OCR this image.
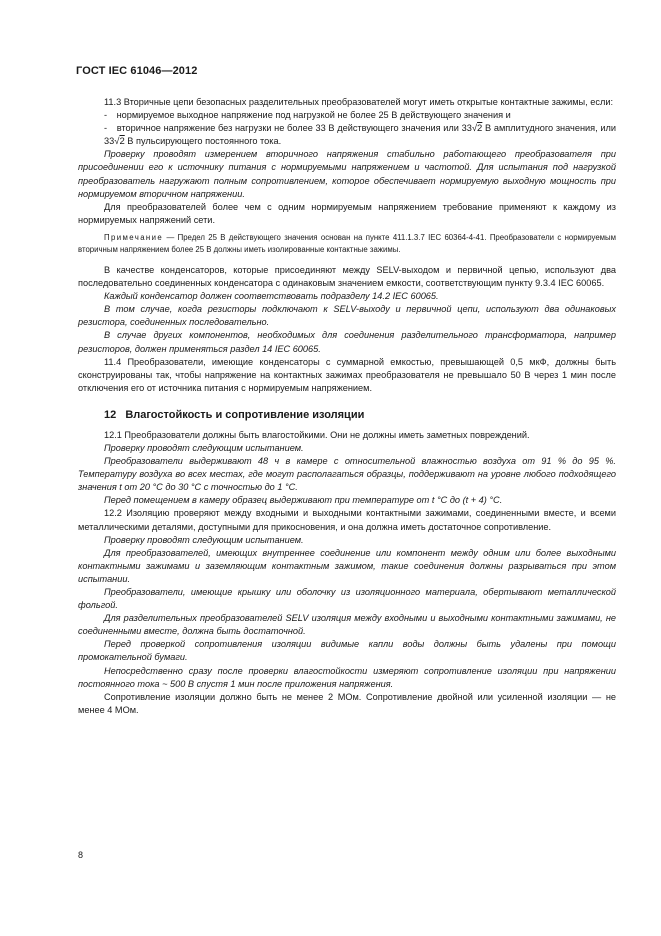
ГОСТ IEC 61046—2012

11.3 Вторичные цепи безопасных разделительных преобразователей могут иметь открытые контактные зажимы, если:

- нормируемое выходное напряжение под нагрузкой не более 25 В действующего значения и

- вторичное напряжение без нагрузки не более 33 В действующего значения или 33√2 В амплитудного значения, или 33√2 В пульсирующего постоянного тока.

Проверку проводят измерением вторичного напряжения стабильно работающего преобразователя при присоединении его к источнику питания с нормируемыми напряжением и частотой. Для испытания под нагрузкой преобразователь нагружают полным сопротивлением, которое обеспечивает нормируемую выходную мощность при нормируемом вторичном напряжении.

Для преобразователей более чем с одним нормируемым напряжением требование применяют к каждому из нормируемых напряжений сети.

Примечание — Предел 25 В действующего значения основан на пункте 411.1.3.7 IEC 60364-4-41. Преобразователи с нормируемым вторичным напряжением более 25 В должны иметь изолированные контактные зажимы.

В качестве конденсаторов, которые присоединяют между SELV-выходом и первичной цепью, используют два последовательно соединенных конденсатора с одинаковым значением емкости, соответствующим пункту 9.3.4 IEC 60065.

Каждый конденсатор должен соответствовать подразделу 14.2 IEC 60065.

В том случае, когда резисторы подключают к SELV-выходу и первичной цепи, используют два одинаковых резистора, соединенных последовательно.

В случае других компонентов, необходимых для соединения разделительного трансформатора, например резисторов, должен применяться раздел 14 IEC 60065.

11.4 Преобразователи, имеющие конденсаторы с суммарной емкостью, превышающей 0,5 мкФ, должны быть сконструированы так, чтобы напряжение на контактных зажимах преобразователя не превышало 50 В через 1 мин после отключения его от источника питания с нормируемым напряжением.

12 Влагостойкость и сопротивление изоляции

12.1 Преобразователи должны быть влагостойкими. Они не должны иметь заметных повреждений.

Проверку проводят следующим испытанием.

Преобразователи выдерживают 48 ч в камере с относительной влажностью воздуха от 91 % до 95 %. Температуру воздуха во всех местах, где могут располагаться образцы, поддерживают на уровне любого подходящего значения t от 20 °C до 30 °C с точностью до 1 °C.

Перед помещением в камеру образец выдерживают при температуре от t °C до (t + 4) °C.

12.2 Изоляцию проверяют между входными и выходными контактными зажимами, соединенными вместе, и всеми металлическими деталями, доступными для прикосновения, и она должна иметь достаточное сопротивление.

Проверку проводят следующим испытанием.

Для преобразователей, имеющих внутреннее соединение или компонент между одним или более выходными контактными зажимами и заземляющим контактным зажимом, такие соединения должны разрываться при этом испытании.

Преобразователи, имеющие крышку или оболочку из изоляционного материала, обертывают металлической фольгой.

Для разделительных преобразователей SELV изоляция между входными и выходными контактными зажимами, не соединенными вместе, должна быть достаточной.

Перед проверкой сопротивления изоляции видимые капли воды должны быть удалены при помощи промокательной бумаги.

Непосредственно сразу после проверки влагостойкости измеряют сопротивление изоляции при напряжении постоянного тока ~ 500 В спустя 1 мин после приложения напряжения.

Сопротивление изоляции должно быть не менее 2 МОм. Сопротивление двойной или усиленной изоляции — не менее 4 МОм.

8
